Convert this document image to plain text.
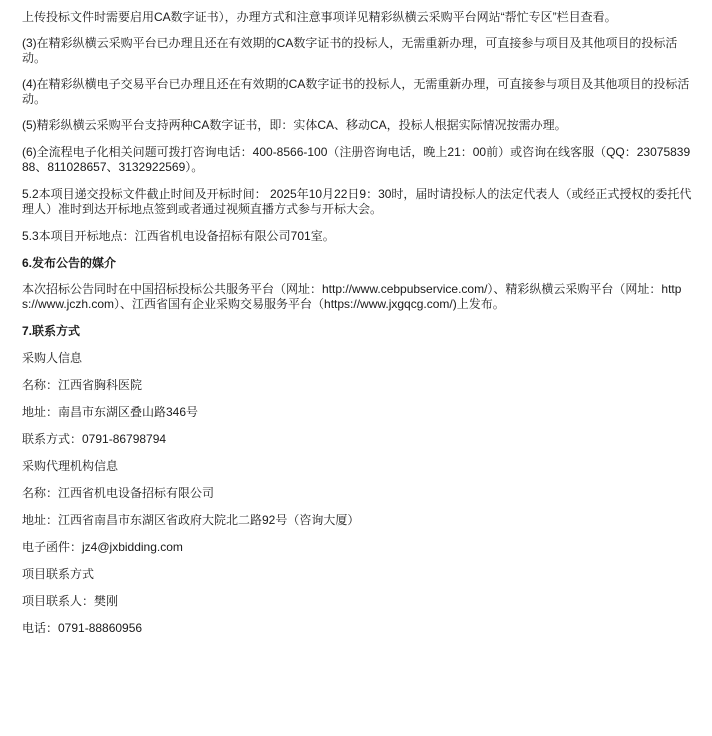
上传投标文件时需要启用CA数字证书），办理方式和注意事项详见精彩纵横云采购平台网站“帮忙专区”栏目查看。

(3)在精彩纵横云采购平台已办理且还在有效期的CA数字证书的投标人，无需重新办理，可直接参与项目及其他项目的投标活动。

(4)在精彩纵横电子交易平台已办理且还在有效期的CA数字证书的投标人，无需重新办理，可直接参与项目及其他项目的投标活动。

(5)精彩纵横云采购平台支持两种CA数字证书，即：实体CA、移动CA，投标人根据实际情况按需办理。

(6)全流程电子化相关问题可拨打咨询电话：400-8566-100（注册咨询电话，晚上21：00前）或咨询在线客服（QQ：2307583988、811028657、3132922569）。

5.2本项目递交投标文件截止时间及开标时间： 2025年10月22日9：30时，届时请投标人的法定代表人（或经正式授权的委托代理人）准时到达开标地点签到或者通过视频直播方式参与开标大会。

5.3本项目开标地点：江西省机电设备招标有限公司701室。

6.发布公告的媒介

本次招标公告同时在中国招标投标公共服务平台（网址：http://www.cebpubservice.com/）、精彩纵横云采购平台（网址：https://www.jczh.com）、江西省国有企业采购交易服务平台（https://www.jxgqcg.com/)上发布。

7.联系方式

采购人信息

名称：江西省胸科医院

地址：南昌市东湖区叠山路346号

联系方式：0791-86798794

采购代理机构信息

名称：江西省机电设备招标有限公司

地址：江西省南昌市东湖区省政府大院北二路92号（咨询大厦）

电子函件：jz4@jxbidding.com

项目联系方式

项目联系人：樊刚

电话：0791-88860956
